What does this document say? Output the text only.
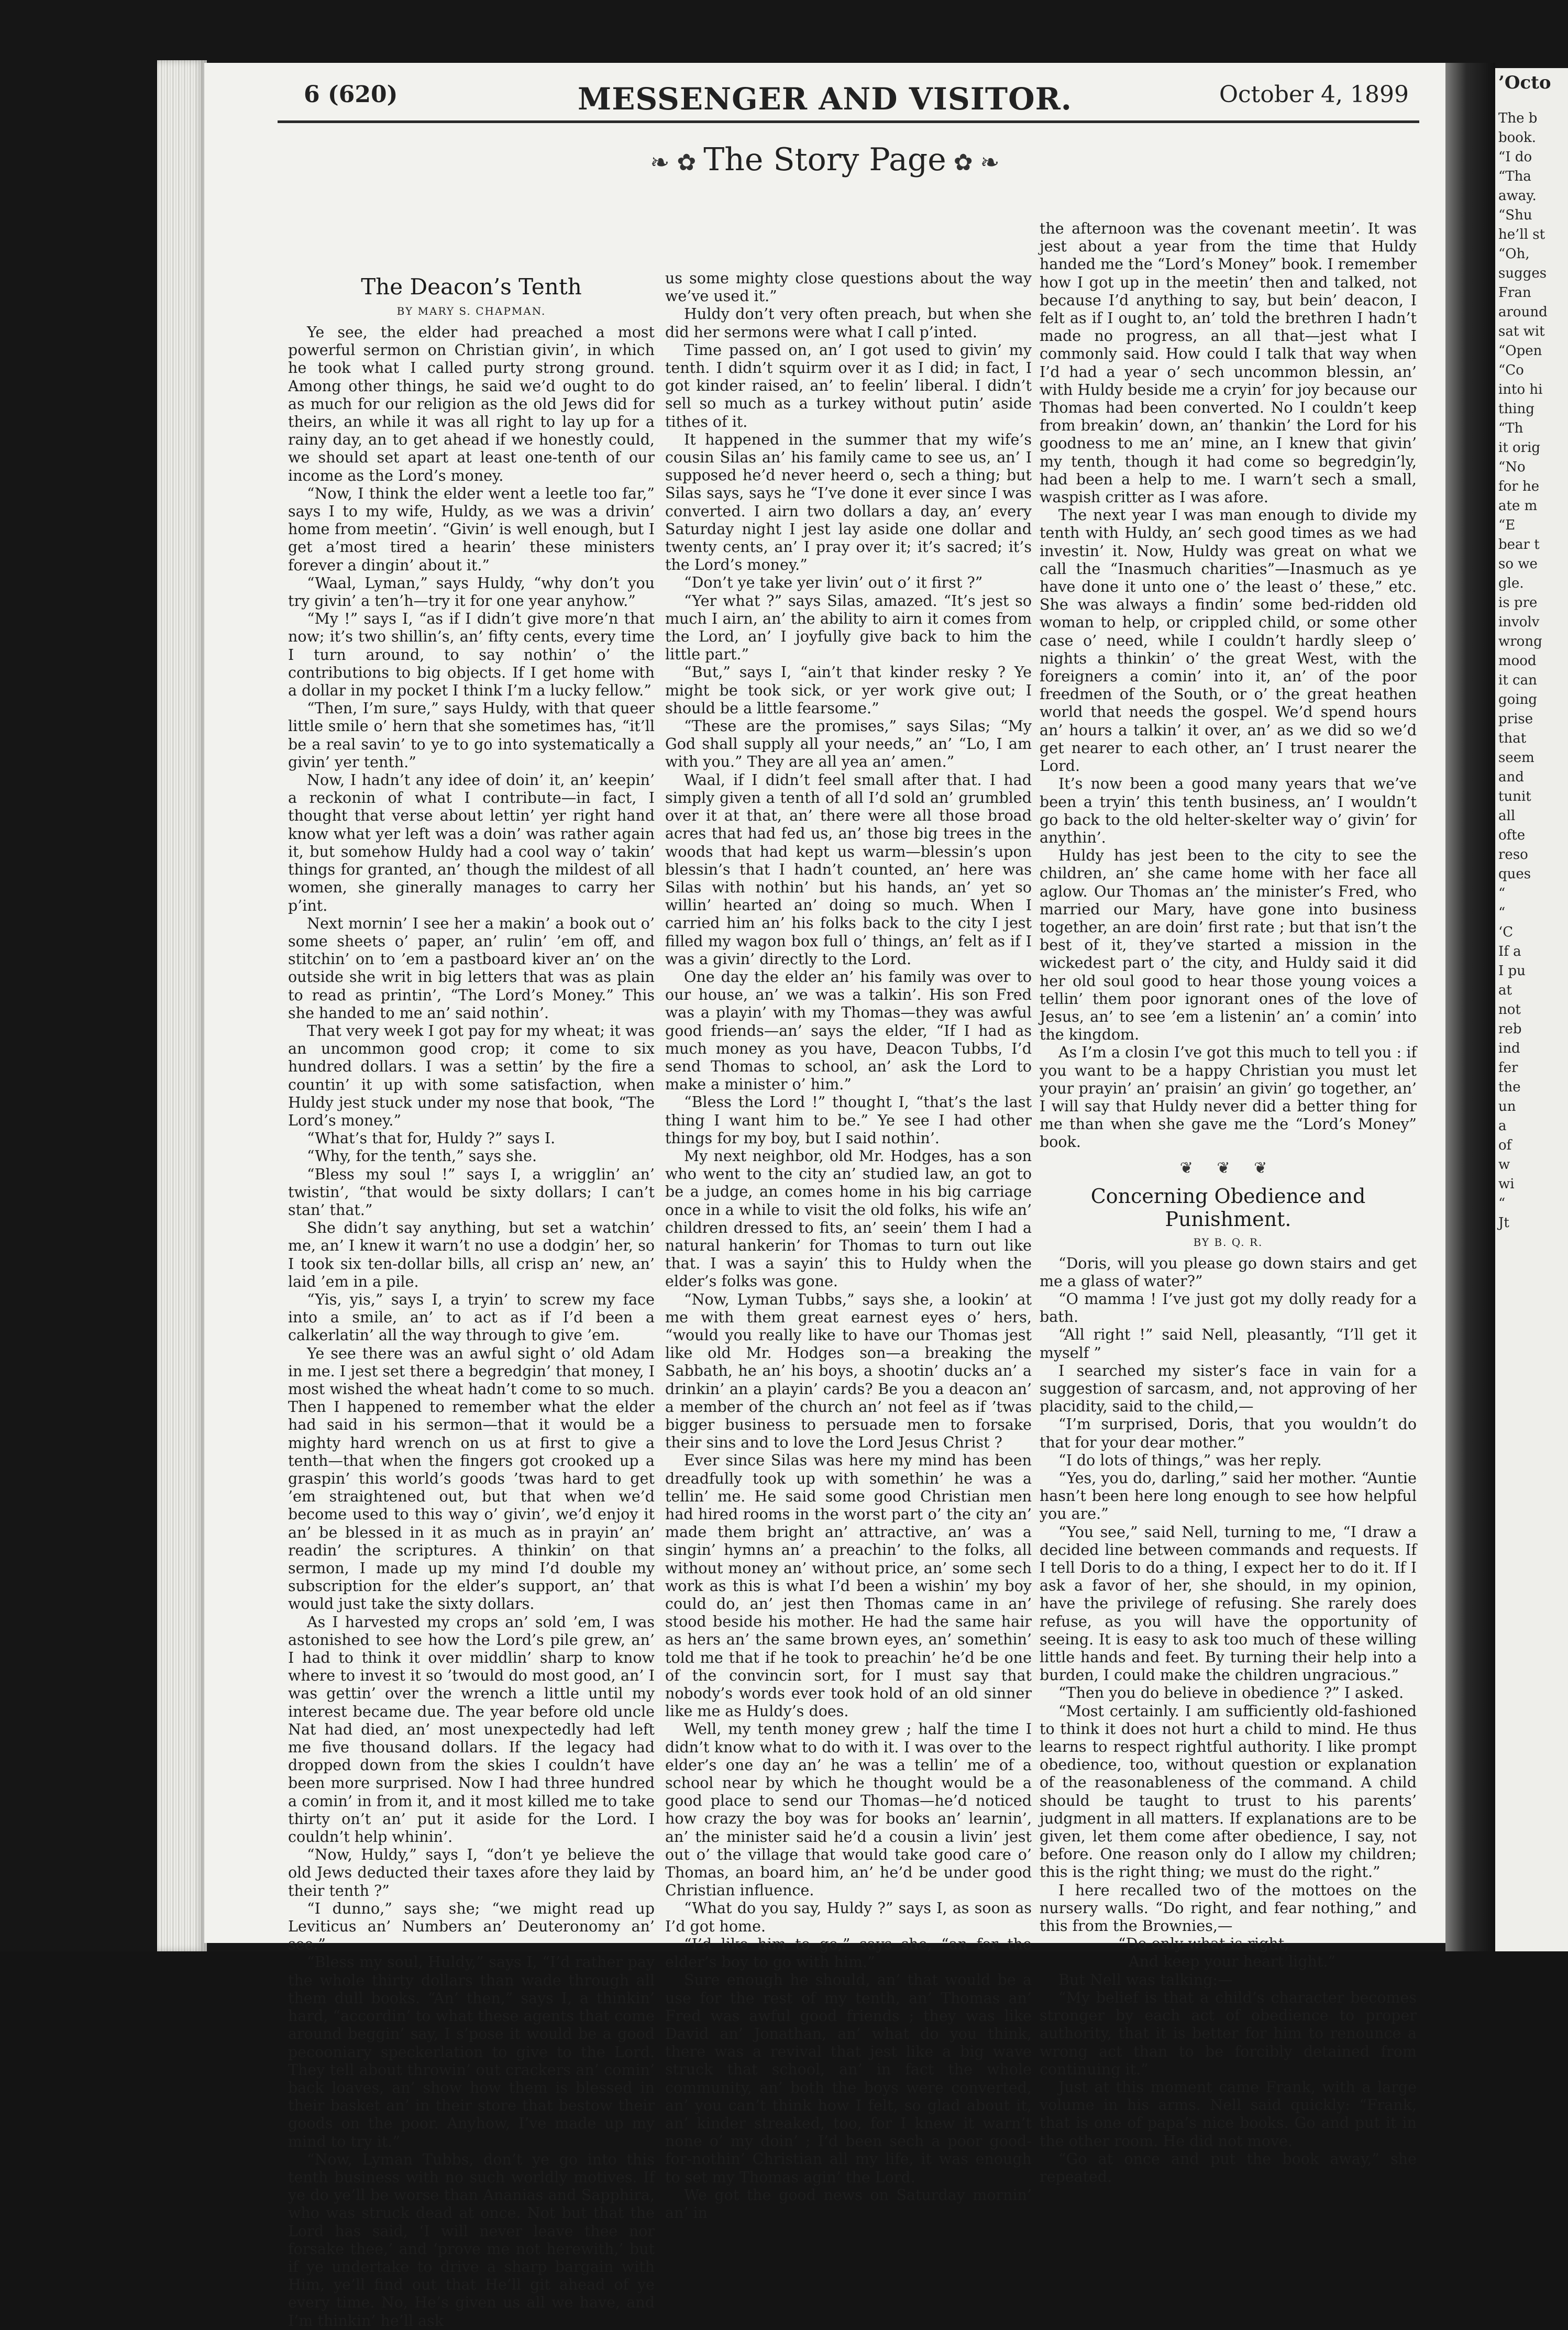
6 (620)	MESSENGER AND VISITOR.	October 4, 1899
❧ ✿ The Story Page ✿ ❧
The Deacon’s Tenth
BY MARY S. CHAPMAN.

Ye see, the elder had preached a most powerful sermon on Christian givin’, in which he took what I called purty strong ground. Among other things, he said we’d ought to do as much for our religion as the old Jews did for theirs, an while it was all right to lay up for a rainy day, an to get ahead if we honestly could, we should set apart at least one-tenth of our income as the Lord’s money.

“Now, I think the elder went a leetle too far,” says I to my wife, Huldy, as we was a drivin’ home from meetin’. “Givin’ is well enough, but I get a’most tired a hearin’ these ministers forever a dingin’ about it.”

“Waal, Lyman,” says Huldy, “why don’t you try givin’ a ten’h—try it for one year anyhow.”

“My !” says I, “as if I didn’t give more’n that now; it’s two shillin’s, an’ fifty cents, every time I turn around, to say nothin’ o’ the contributions to big objects. If I get home with a dollar in my pocket I think I’m a lucky fellow.”

“Then, I’m sure,” says Huldy, with that queer little smile o’ hern that she sometimes has, “it’ll be a real savin’ to ye to go into systematically a givin’ yer tenth.”

Now, I hadn’t any idee of doin’ it, an’ keepin’ a reckonin of what I contribute—in fact, I thought that verse about lettin’ yer right hand know what yer left was a doin’ was rather again it, but somehow Huldy had a cool way o’ takin’ things for granted, an’ though the mildest of all women, she ginerally manages to carry her p’int.

Next mornin’ I see her a makin’ a book out o’ some sheets o’ paper, an’ rulin’ ’em off, and stitchin’ on to ’em a pastboard kiver an’ on the outside she writ in big letters that was as plain to read as printin’, “The Lord’s Money.” This she handed to me an’ said nothin’.

That very week I got pay for my wheat; it was an uncommon good crop; it come to six hundred dollars. I was a settin’ by the fire a countin’ it up with some satisfaction, when Huldy jest stuck under my nose that book, “The Lord’s money.”

“What’s that for, Huldy ?” says I.

“Why, for the tenth,” says she.

“Bless my soul !” says I, a wrigglin’ an’ twistin’, “that would be sixty dollars; I can’t stan’ that.”

She didn’t say anything, but set a watchin’ me, an’ I knew it warn’t no use a dodgin’ her, so I took six ten-dollar bills, all crisp an’ new, an’ laid ’em in a pile.

“Yis, yis,” says I, a tryin’ to screw my face into a smile, an’ to act as if I’d been a calkerlatin’ all the way through to give ’em.

Ye see there was an awful sight o’ old Adam in me. I jest set there a begredgin’ that money, I most wished the wheat hadn’t come to so much. Then I happened to remember what the elder had said in his sermon—that it would be a mighty hard wrench on us at first to give a tenth—that when the fingers got crooked up a graspin’ this world’s goods ’twas hard to get ’em straightened out, but that when we’d become used to this way o’ givin’, we’d enjoy it an’ be blessed in it as much as in prayin’ an’ readin’ the scriptures. A thinkin’ on that sermon, I made up my mind I’d double my subscription for the elder’s support, an’ that would just take the sixty dollars.

As I harvested my crops an’ sold ’em, I was astonished to see how the Lord’s pile grew, an’ I had to think it over middlin’ sharp to know where to invest it so ’twould do most good, an’ I was gettin’ over the wrench a little until my interest became due. The year before old uncle Nat had died, an’ most unexpectedly had left me five thousand dollars. If the legacy had dropped down from the skies I couldn’t have been more surprised. Now I had three hundred a comin’ in from it, and it most killed me to take thirty on’t an’ put it aside for the Lord. I couldn’t help whinin’.

“Now, Huldy,” says I, “don’t ye believe the old Jews deducted their taxes afore they laid by their tenth ?”

“I dunno,” says she; “we might read up Leviticus an’ Numbers an’ Deuteronomy an’ see.”

“Bless my soul, Huldy,” says I, “I’d rather pay the whole thirty dollars than wade through all them dull books. “An’ then,” says I, a thinkin’ hard, “accordin’ to what these agents that come around beggin’ say, I s’pose it would be a good pecooniary speckerlation to give to the Lord. They tell about throwin’ out crackers an’ comin’ back loaves, an’ show how them is blessed in their basket an’ in their store that bestow their goods on the poor. Anyhow, I’ve made up my mind to try it.”

“Now, Lyman Tubbs, don’t ye go into this tenth business with no such worldly motives. If ye do ye’ll be worse than Ananias and Sapphira, who was struck dead at once. Not but that the Lord has said, ‘I will never leave thee nor forsake thee,’ and ‘prove me not herewith,’ but if ye undertake to drive a sharp bargain with Him, ye’ll find out that He’ll git ahead of ye every time. No, He’s given us all we have, and I’m thinkin’ he’ll ask

us some mighty close questions about the way we’ve used it.”

Huldy don’t very often preach, but when she did her sermons were what I call p’inted.

Time passed on, an’ I got used to givin’ my tenth. I didn’t squirm over it as I did; in fact, I got kinder raised, an’ to feelin’ liberal. I didn’t sell so much as a turkey without putin’ aside tithes of it.

It happened in the summer that my wife’s cousin Silas an’ his family came to see us, an’ I supposed he’d never heerd o, sech a thing; but Silas says, says he “I’ve done it ever since I was converted. I airn two dollars a day, an’ every Saturday night I jest lay aside one dollar and twenty cents, an’ I pray over it; it’s sacred; it’s the Lord’s money.”

“Don’t ye take yer livin’ out o’ it first ?”

“Yer what ?” says Silas, amazed. “It’s jest so much I airn, an’ the ability to airn it comes from the Lord, an’ I joyfully give back to him the little part.”

“But,” says I, “ain’t that kinder resky ? Ye might be took sick, or yer work give out; I should be a little fearsome.”

“These are the promises,” says Silas; “My God shall supply all your needs,” an’ “Lo, I am with you.” They are all yea an’ amen.”

Waal, if I didn’t feel small after that. I had simply given a tenth of all I’d sold an’ grumbled over it at that, an’ there were all those broad acres that had fed us, an’ those big trees in the woods that had kept us warm—blessin’s upon blessin’s that I hadn’t counted, an’ here was Silas with nothin’ but his hands, an’ yet so willin’ hearted an’ doing so much. When I carried him an’ his folks back to the city I jest filled my wagon box full o’ things, an’ felt as if I was a givin’ directly to the Lord.

One day the elder an’ his family was over to our house, an’ we was a talkin’. His son Fred was a playin’ with my Thomas—they was awful good friends—an’ says the elder, “If I had as much money as you have, Deacon Tubbs, I’d send Thomas to school, an’ ask the Lord to make a minister o’ him.”

“Bless the Lord !” thought I, “that’s the last thing I want him to be.” Ye see I had other things for my boy, but I said nothin’.

My next neighbor, old Mr. Hodges, has a son who went to the city an’ studied law, an got to be a judge, an comes home in his big carriage once in a while to visit the old folks, his wife an’ children dressed to fits, an’ seein’ them I had a natural hankerin’ for Thomas to turn out like that. I was a sayin’ this to Huldy when the elder’s folks was gone.

“Now, Lyman Tubbs,” says she, a lookin’ at me with them great earnest eyes o’ hers, “would you really like to have our Thomas jest like old Mr. Hodges son—a breaking the Sabbath, he an’ his boys, a shootin’ ducks an’ a drinkin’ an a playin’ cards? Be you a deacon an’ a member of the church an’ not feel as if ’twas bigger business to persuade men to forsake their sins and to love the Lord Jesus Christ ?

Ever since Silas was here my mind has been dreadfully took up with somethin’ he was a tellin’ me. He said some good Christian men had hired rooms in the worst part o’ the city an’ made them bright an’ attractive, an’ was a singin’ hymns an’ a preachin’ to the folks, all without money an’ without price, an’ some sech work as this is what I’d been a wishin’ my boy could do, an’ jest then Thomas came in an’ stood beside his mother. He had the same hair as hers an’ the same brown eyes, an’ somethin’ told me that if he took to preachin’ he’d be one of the convincin sort, for I must say that nobody’s words ever took hold of an old sinner like me as Huldy’s does.

Well, my tenth money grew ; half the time I didn’t know what to do with it. I was over to the elder’s one day an’ he was a tellin’ me of a school near by which he thought would be a good place to send our Thomas—he’d noticed how crazy the boy was for books an’ learnin’, an’ the minister said he’d a cousin a livin’ jest out o’ the village that would take good care o’ Thomas, an board him, an’ he’d be under good Christian influence.

“What do you say, Huldy ?” says I, as soon as I’d got home.

“I’d like him to go,” says she, “an for the elder’s boy to go with him.”

Sure enough he should, an’ that would be a use for the rest of my tenth, an’ Thomas an’ Fred was awful good friends ; they was like David an’ Jonathan, an’ what do you think, there was a revival that jest like a big wave struck that school, an’ in fact the whole community, an’ both the boys were converted, an’ you can’t think how I felt, so glad about it, an’ kinder streaked, too, for I knew it warn’t none o’ my doin’ ; I’d been sech a poor good-for-nothin’ Christian all my life, it was enough to set my Thomas agin’ the Lord.

We got the good news on Saturday mornin’ an’ in

the afternoon was the covenant meetin’. It was jest about a year from the time that Huldy handed me the “Lord’s Money” book. I remember how I got up in the meetin’ then and talked, not because I’d anything to say, but bein’ deacon, I felt as if I ought to, an’ told the brethren I hadn’t made no progress, an all that—jest what I commonly said. How could I talk that way when I’d had a year o’ sech uncommon blessin, an’ with Huldy beside me a cryin’ for joy because our Thomas had been converted. No I couldn’t keep from breakin’ down, an’ thankin’ the Lord for his goodness to me an’ mine, an I knew that givin’ my tenth, though it had come so begredgin’ly, had been a help to me. I warn’t sech a small, waspish critter as I was afore.

The next year I was man enough to divide my tenth with Huldy, an’ sech good times as we had investin’ it. Now, Huldy was great on what we call the “Inasmuch charities”—Inasmuch as ye have done it unto one o’ the least o’ these,” etc. She was always a findin’ some bed-ridden old woman to help, or crippled child, or some other case o’ need, while I couldn’t hardly sleep o’ nights a thinkin’ o’ the great West, with the foreigners a comin’ into it, an’ of the poor freedmen of the South, or o’ the great heathen world that needs the gospel. We’d spend hours an’ hours a talkin’ it over, an’ as we did so we’d get nearer to each other, an’ I trust nearer the Lord.

It’s now been a good many years that we’ve been a tryin’ this tenth business, an’ I wouldn’t go back to the old helter-skelter way o’ givin’ for anythin’.

Huldy has jest been to the city to see the children, an’ she came home with her face all aglow. Our Thomas an’ the minister’s Fred, who married our Mary, have gone into business together, an are doin’ first rate ; but that isn’t the best of it, they’ve started a mission in the wickedest part o’ the city, and Huldy said it did her old soul good to hear those young voices a tellin’ them poor ignorant ones of the love of Jesus, an’ to see ’em a listenin’ an’ a comin’ into the kingdom.

As I’m a closin I’ve got this much to tell you : if you want to be a happy Christian you must let your prayin’ an’ praisin’ an givin’ go together, an’ I will say that Huldy never did a better thing for me than when she gave me the “Lord’s Money” book.

❦ ❦ ❦
Concerning Obedience and Punishment.
BY B. Q. R.

“Doris, will you please go down stairs and get me a glass of water?”

“O mamma ! I’ve just got my dolly ready for a bath.

“All right !” said Nell, pleasantly, “I’ll get it myself ”

I searched my sister’s face in vain for a suggestion of sarcasm, and, not approving of her placidity, said to the child,—

“I’m surprised, Doris, that you wouldn’t do that for your dear mother.”

“I do lots of things,” was her reply.

“Yes, you do, darling,” said her mother. “Auntie hasn’t been here long enough to see how helpful you are.”

“You see,” said Nell, turning to me, “I draw a decided line between commands and requests. If I tell Doris to do a thing, I expect her to do it. If I ask a favor of her, she should, in my opinion, have the privilege of refusing. She rarely does refuse, as you will have the opportunity of seeing. It is easy to ask too much of these willing little hands and feet. By turning their help into a burden, I could make the children ungracious.”

“Then you do believe in obedience ?” I asked.

“Most certainly. I am sufficiently old-fashioned to think it does not hurt a child to mind. He thus learns to respect rightful authority. I like prompt obedience, too, without question or explanation of the reasonableness of the command. A child should be taught to trust to his parents’ judgment in all matters. If explanations are to be given, let them come after obedience, I say, not before. One reason only do I allow my children; this is the right thing; we must do the right.”

I here recalled two of the mottoes on the nursery walls. “Do right, and fear nothing,” and this from the Brownies,—

“Do only what is right,
And keep your heart light.”

But Nell was talking:—

“My belief is that a child’s character becomes stronger by each act of obedience to proper authority, that it is better for him to renounce a wrong act than to be forcibly detained from continuing it.”

Just at this moment came Frank, with a large volume in his arms. Nell said quickly: “Frank, that is one of papa’s nice books. Go and put it in the other room. He did not move.

“Go at once and put the book away,” she repeated.

’Octo
The b
book.
“I do
“Tha
away.
“Shu
he’ll st
“Oh,
sugges
Fran
around
sat wit
“Open
“Co
into hi
thing
“Th
it orig
“No
for he
ate m
“E
bear t
so we
gle.
is pre
involv
wrong
mood
it can
going
prise
that
seem
and
tunit
all
ofte
reso
ques
“
“
‘C
If a
I pu
at
not
reb
ind
fer
the
un
a
of
w
wi
“
Jt
